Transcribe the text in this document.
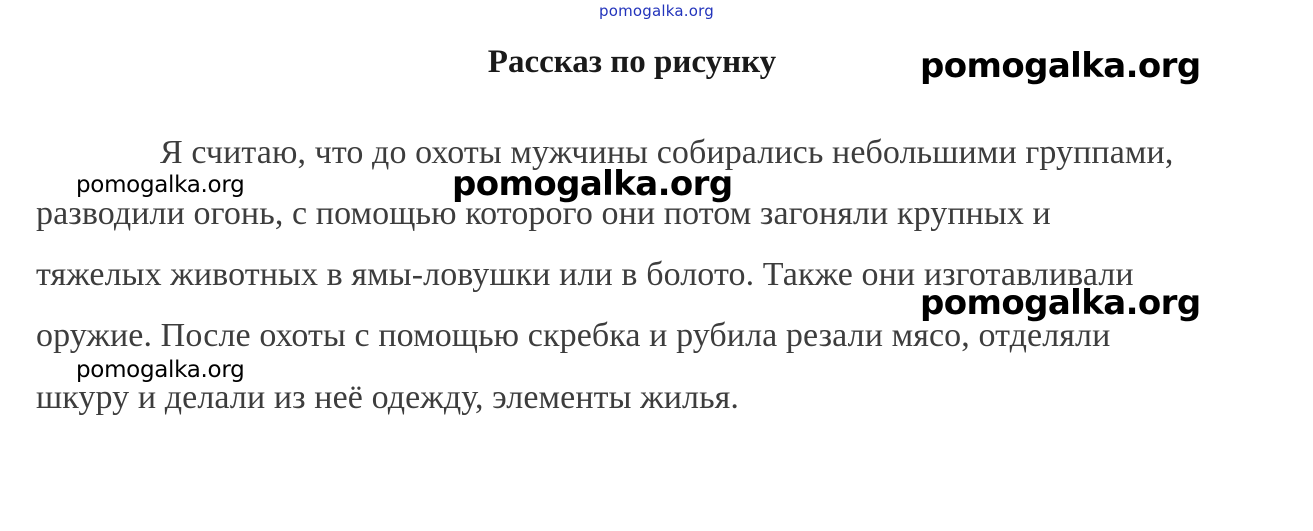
pomogalka.org
Рассказ по рисунку
Я считаю, что до охоты мужчины собирались небольшими группами,
разводили огонь, с помощью которого они потом загоняли крупных и
тяжелых животных в ямы-ловушки или в болото. Также они изготавливали
оружие. После охоты с помощью скребка и рубила резали мясо, отделяли
шкуру и делали из неё одежду, элементы жилья.
pomogalka.org
pomogalka.org
pomogalka.org
pomogalka.org
pomogalka.org
